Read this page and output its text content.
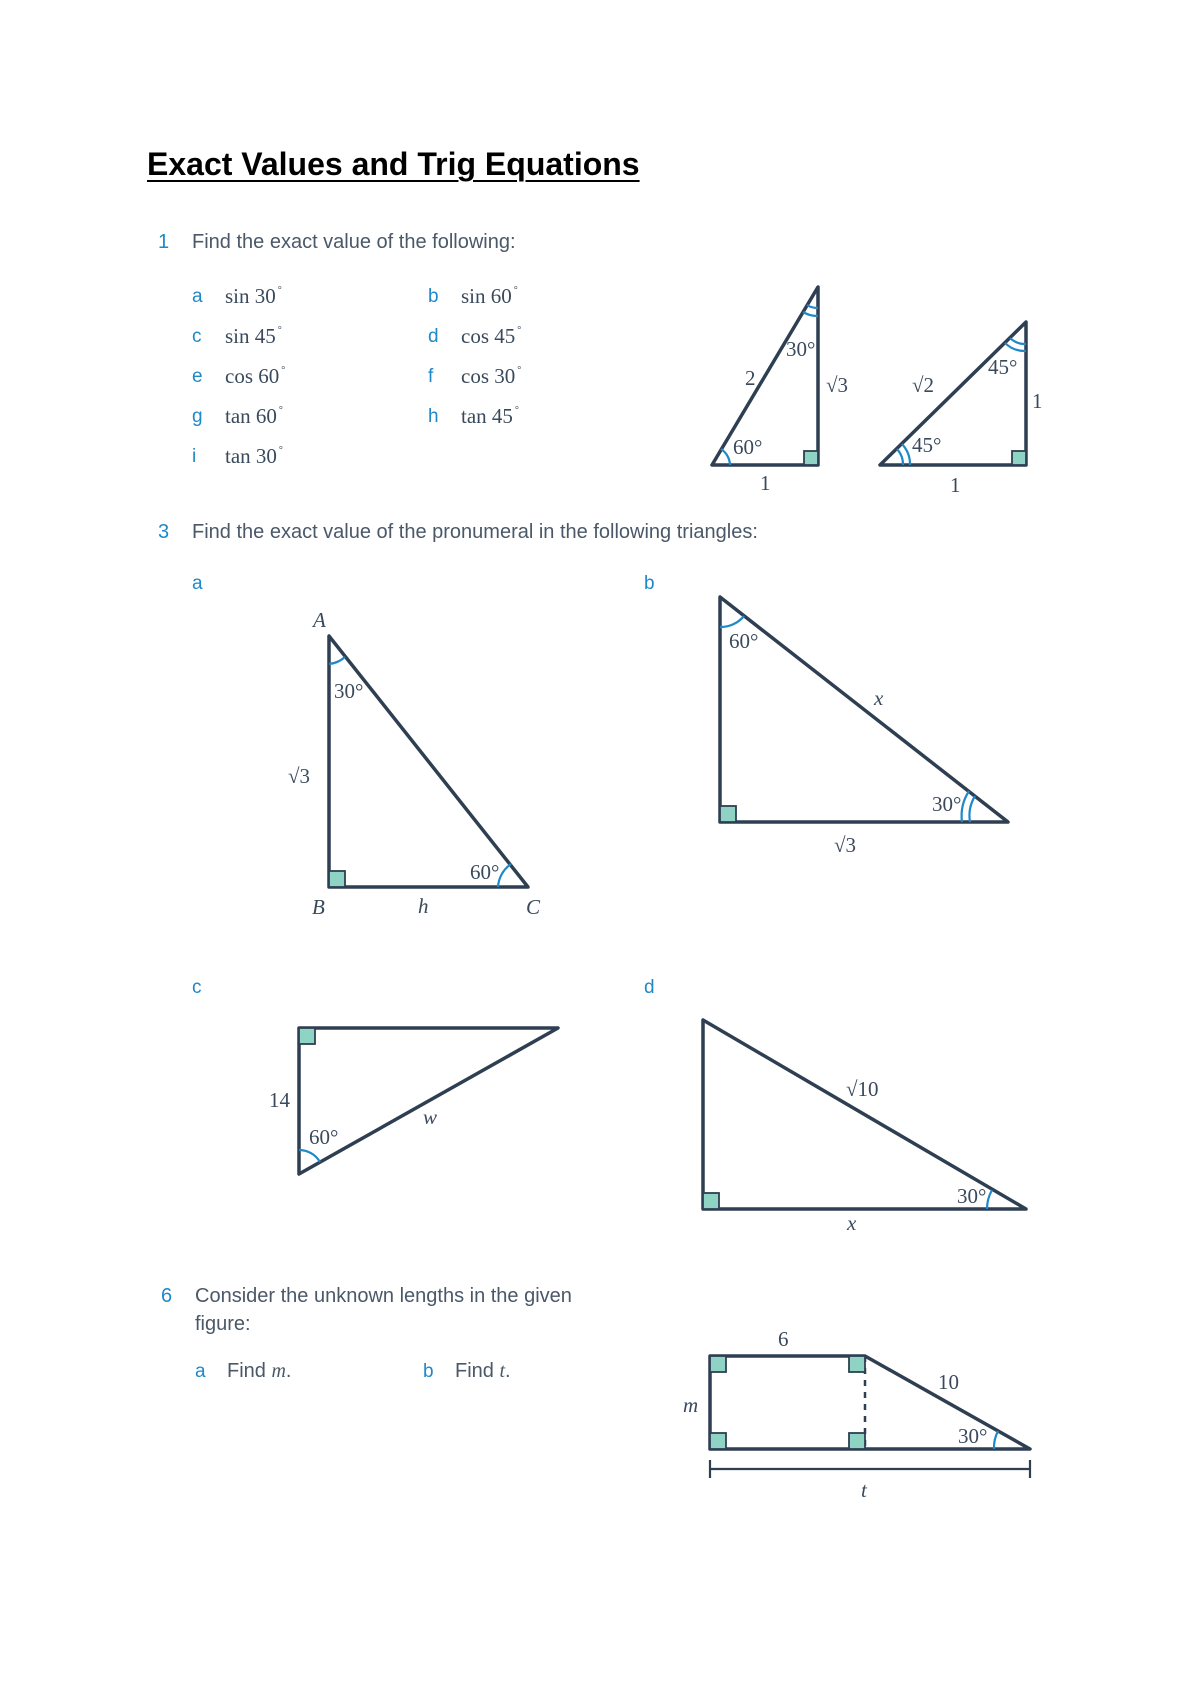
Exact Values and Trig Equations
1 Find the exact value of the following:
a sin 30 °	b sin 60 °
c sin 45 °	d cos 45 °
e cos 60 °	f cos 30 °
g tan 60 °	h tan 45 °
i tan 30 °
3 Find the exact value of the pronumeral in the following triangles:
a	b
c	d
6 Consider the unknown lengths in the given
figure:
a Find m.	b Find t.
2	√3
1
30°
60°
√2
1
1
45°
45°
A
B	C
√3
h
30°
60°
60°
30°
x
√3
14
w
60°
√10
x
30°
6
m
10
30°
t
